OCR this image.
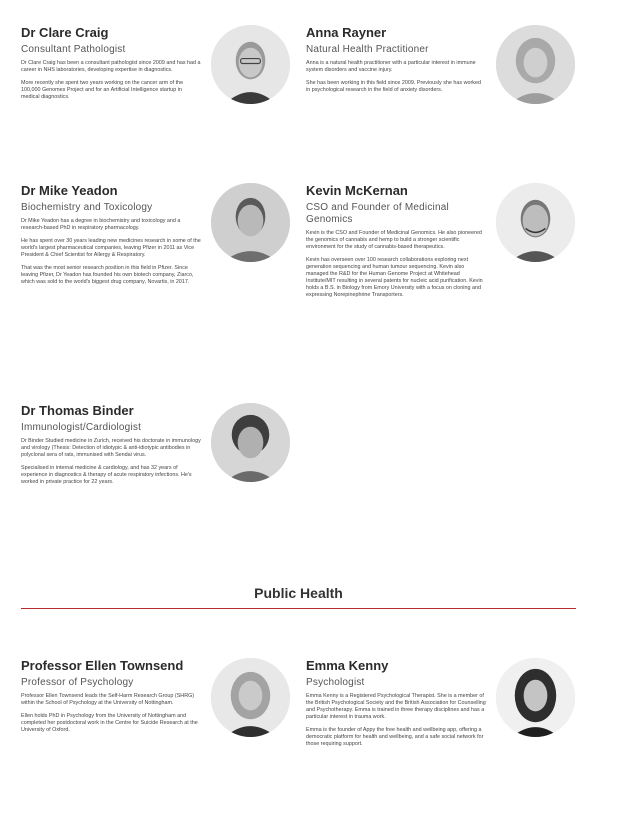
Dr Clare Craig
Consultant Pathologist

Dr Clare Craig has been a consultant pathologist since 2009 and has had a career in NHS laboratories, developing expertise in diagnostics.

More recently she spent two years working on the cancer arm of the 100,000 Genomes Project and for an Artificial Intelligence startup in medical diagnostics.

Anna Rayner
Natural Health Practitioner

Anna is a natural health practitioner with a particular interest in immune system disorders and vaccine injury.

She has been working in this field since 2009. Previously she has worked in psychological research in the field of anxiety disorders.

Dr Mike Yeadon
Biochemistry and Toxicology

Dr Mike Yeadon has a degree in biochemistry and toxicology and a research-based PhD in respiratory pharmacology.

He has spent over 30 years leading new medicines research in some of the world's largest pharmaceutical companies, leaving Pfizer in 2011 as Vice President & Chief Scientist for Allergy & Respiratory.

That was the most senior research position in this field in Pfizer. Since leaving Pfizer, Dr Yeadon has founded his own biotech company, Ziarco, which was sold to the world's biggest drug company, Novartis, in 2017.

Kevin McKernan
CSO and Founder of Medicinal Genomics

Kevin is the CSO and Founder of Medicinal Genomics. He also pioneered the genomics of cannabis and hemp to build a stronger scientific environment for the study of cannabis-based therapeutics.

Kevin has overseen over 100 research collaborations exploring next generation sequencing and human tumour sequencing. Kevin also managed the R&D for the Human Genome Project at Whitehead Institute/MIT resulting in several patents for nucleic acid purification. Kevin holds a B.S. in Biology from Emory University with a focus on cloning and expressing Norepinephrine Transporters.

Dr Thomas Binder
Immunologist/Cardiologist

Dr Binder Studied medicine in Zurich, received his doctorate in immunology and virology (Thesis: Detection of idiotypic & anti-idiotypic antibodies in polyclonal sera of rats, immunised with Sendai virus.

Specialised in internal medicine & cardiology, and has 32 years of experience in diagnostics & therapy of acute respiratory infections. He's worked in private practice for 22 years.

Public Health
Professor Ellen Townsend
Professor of Psychology

Professor Ellen Townsend leads the Self-Harm Research Group (SHRG) within the School of Psychology at the University of Nottingham.

Ellen holds PhD in Psychology from the University of Nottingham and completed her postdoctoral work in the Centre for Suicide Research at the University of Oxford.

Emma Kenny
Psychologist

Emma Kenny is a Registered Psychological Therapist. She is a member of the British Psychological Society and the British Association for Counselling and Psychotherapy. Emma is trained in three therapy disciplines and has a particular interest in trauma work.

Emma is the founder of Appy the free health and wellbeing app, offering a democratic platform for health and wellbeing, and a safe social network for those requiring support.
